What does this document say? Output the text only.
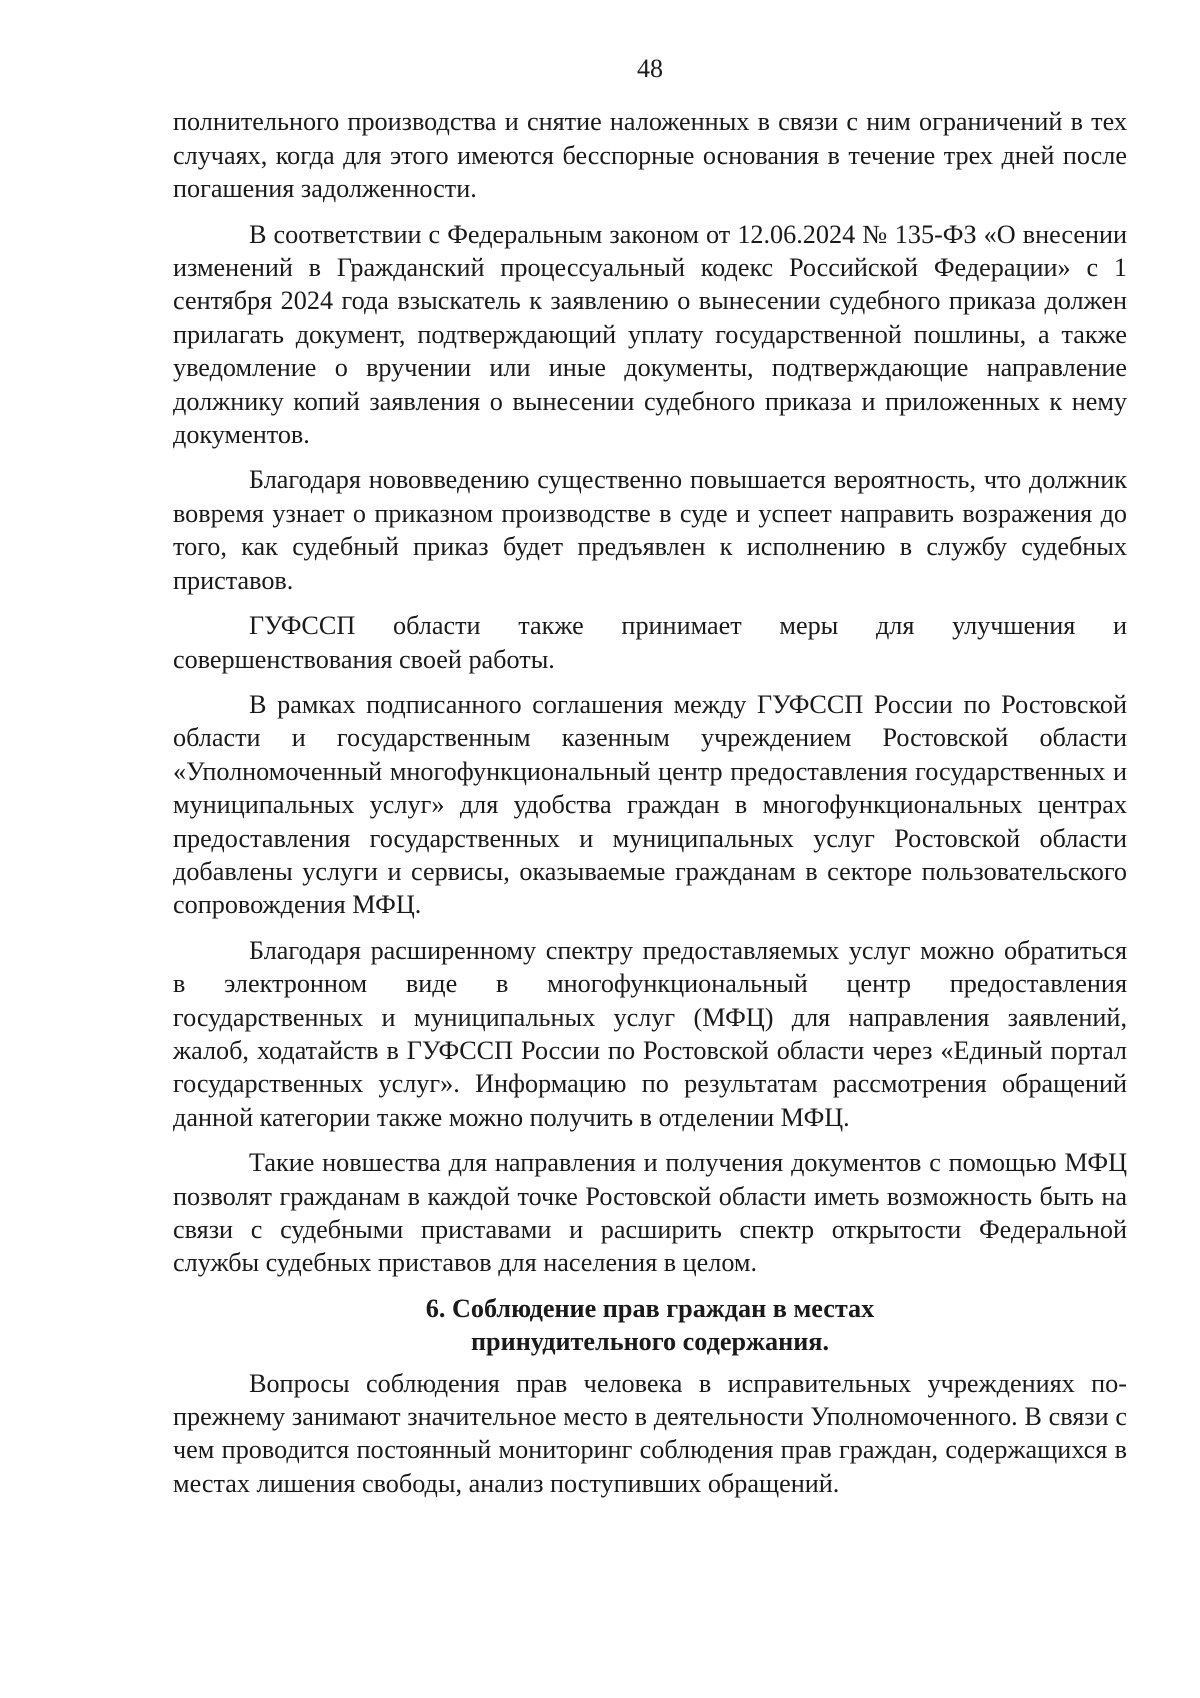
48

полнительного производства и снятие наложенных в связи с ним ограничений в тех случаях, когда для этого имеются бесспорные основания в течение трех дней после погашения задолженности.

В соответствии с Федеральным законом от 12.06.2024 № 135-ФЗ «О внесении изменений в Гражданский процессуальный кодекс Российской Федерации» с 1 сентября 2024 года взыскатель к заявлению о вынесении судебного приказа должен прилагать документ, подтверждающий уплату государственной пошлины, а также уведомление о вручении или иные документы, подтверждающие направление должнику копий заявления о вынесении судебного приказа и приложенных к нему документов.

Благодаря нововведению существенно повышается вероятность, что должник вовремя узнает о приказном производстве в суде и успеет направить возражения до того, как судебный приказ будет предъявлен к исполнению в службу судебных приставов.

ГУФССП области также принимает меры для улучшения и совершенствования своей работы.

В рамках подписанного соглашения между ГУФССП России по Ростовской области и государственным казенным учреждением Ростовской области «Уполномоченный многофункциональный центр предоставления государственных и муниципальных услуг» для удобства граждан в многофункциональных центрах предоставления государственных и муниципальных услуг Ростовской области добавлены услуги и сервисы, оказываемые гражданам в секторе пользовательского сопровождения МФЦ.

Благодаря расширенному спектру предоставляемых услуг можно обратиться в электронном виде в многофункциональный центр предоставления государственных и муниципальных услуг (МФЦ) для направления заявлений, жалоб, ходатайств в ГУФССП России по Ростовской области через «Единый портал государственных услуг». Информацию по результатам рассмотрения обращений данной категории также можно получить в отделении МФЦ.

Такие новшества для направления и получения документов с помощью МФЦ позволят гражданам в каждой точке Ростовской области иметь возможность быть на связи с судебными приставами и расширить спектр открытости Федеральной службы судебных приставов для населения в целом.

6. Соблюдение прав граждан в местах
принудительного содержания.

Вопросы соблюдения прав человека в исправительных учреждениях по-прежнему занимают значительное место в деятельности Уполномоченного. В связи с чем проводится постоянный мониторинг соблюдения прав граждан, содержащихся в местах лишения свободы, анализ поступивших обращений.
